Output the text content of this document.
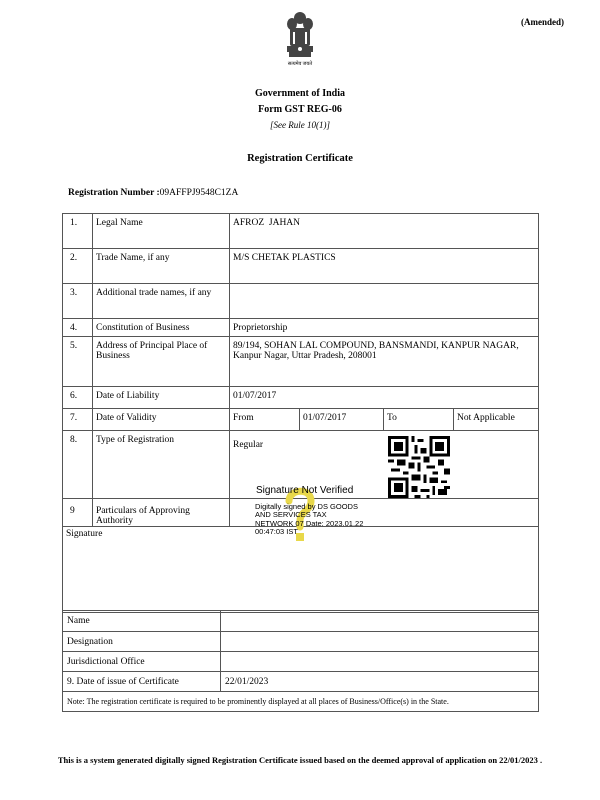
(Amended)
सत्यमेव जयते
Government of India
Form GST REG-06
[See Rule 10(1)]
Registration Certificate
Registration Number :09AFFPJ9548C1ZA
1.	Legal Name	AFROZ  JAHAN			
2.	Trade Name, if any	M/S CHETAK PLASTICS			
3.	Additional trade names, if any				
4.	Constitution of Business	Proprietorship			
5.	Address of Principal Place of Business	89/194, SOHAN LAL COMPOUND, BANSMANDI, KANPUR NAGAR, Kanpur Nagar, Uttar Pradesh, 208001			
6.	Date of Liability	01/07/2017			
7.	Date of Validity	From	01/07/2017	To	Not Applicable
8.	Type of Registration	Regular			
9	Particulars of Approving Authority				
Signature					
Signature Not Verified
Digitally signed by DS GOODS AND SERVICES TAX NETWORK 07 Date: 2023.01.22 00:47:03 IST
Name	
Designation	
Jurisdictional Office	
9. Date of issue of Certificate	22/01/2023
Note: The registration certificate is required to be prominently displayed at all places of Business/Office(s) in the State.	
This is a system generated digitally signed Registration Certificate issued based on the deemed approval of application on 22/01/2023 .
